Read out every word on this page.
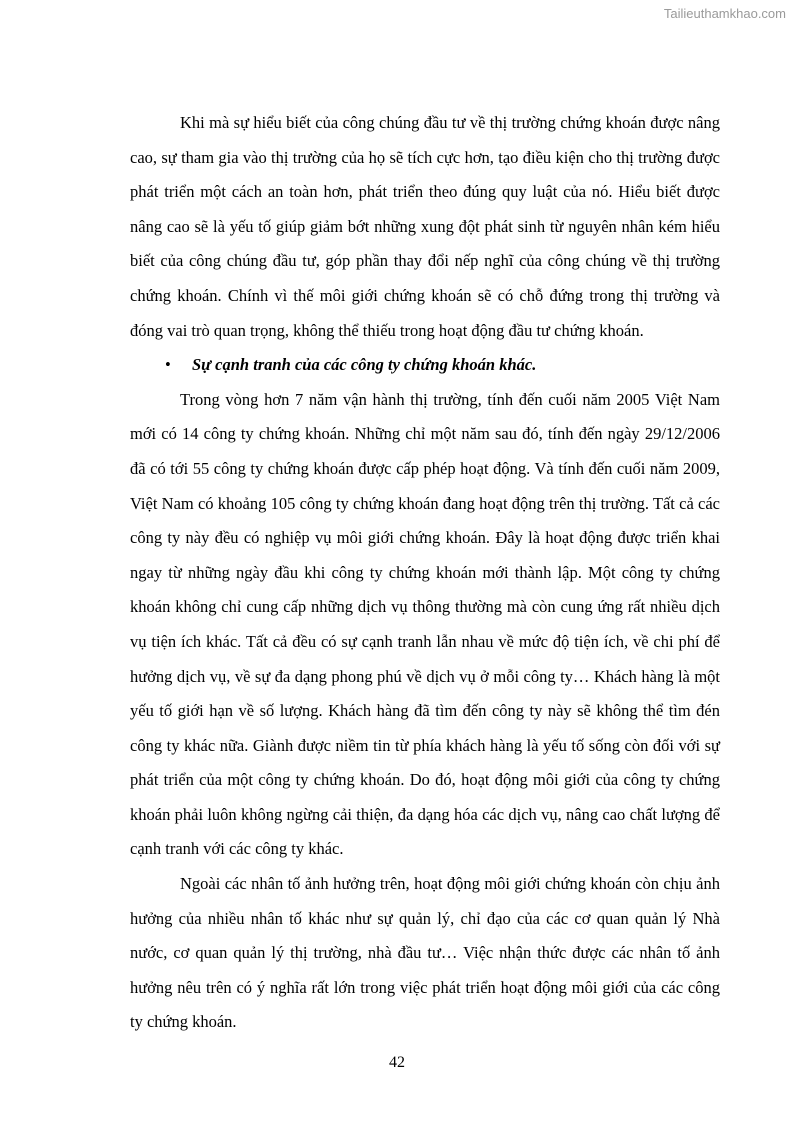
Tailieuthamkhao.com

Khi mà sự hiểu biết của công chúng đầu tư về thị trường chứng khoán được nâng cao, sự tham gia vào thị trường của họ sẽ tích cực hơn, tạo điều kiện cho thị trường được phát triển một cách an toàn hơn, phát triển theo đúng quy luật của nó. Hiểu biết được nâng cao sẽ là yếu tố giúp giảm bớt những xung đột phát sinh từ nguyên nhân kém hiểu biết của công chúng đầu tư, góp phần thay đổi nếp nghĩ của công chúng về thị trường chứng khoán. Chính vì thế môi giới chứng khoán sẽ có chỗ đứng trong thị trường và đóng vai trò quan trọng, không thể thiếu trong hoạt động đầu tư chứng khoán.

• Sự cạnh tranh của các công ty chứng khoán khác.

Trong vòng hơn 7 năm vận hành thị trường, tính đến cuối năm 2005 Việt Nam mới có 14 công ty chứng khoán. Những chỉ một năm sau đó, tính đến ngày 29/12/2006 đã có tới 55 công ty chứng khoán được cấp phép hoạt động. Và tính đến cuối năm 2009, Việt Nam có khoảng 105 công ty chứng khoán đang hoạt động trên thị trường. Tất cả các công ty này đều có nghiệp vụ môi giới chứng khoán. Đây là hoạt động được triển khai ngay từ những ngày đầu khi công ty chứng khoán mới thành lập. Một công ty chứng khoán không chỉ cung cấp những dịch vụ thông thường mà còn cung ứng rất nhiều dịch vụ tiện ích khác. Tất cả đều có sự cạnh tranh lẫn nhau về mức độ tiện ích, về chi phí để hưởng dịch vụ, về sự đa dạng phong phú về dịch vụ ở mỗi công ty… Khách hàng là một yếu tố giới hạn về số lượng. Khách hàng đã tìm đến công ty này sẽ không thể tìm đén công ty khác nữa. Giành được niềm tin từ phía khách hàng là yếu tố sống còn đối với sự phát triển của một công ty chứng khoán. Do đó, hoạt động môi giới của công ty chứng khoán phải luôn không ngừng cải thiện, đa dạng hóa các dịch vụ, nâng cao chất lượng để cạnh tranh với các công ty khác.

Ngoài các nhân tố ảnh hưởng trên, hoạt động môi giới chứng khoán còn chịu ảnh hưởng của nhiều nhân tố khác như sự quản lý, chỉ đạo của các cơ quan quản lý Nhà nước, cơ quan quản lý thị trường, nhà đầu tư… Việc nhận thức được các nhân tố ảnh hưởng nêu trên có ý nghĩa rất lớn trong việc phát triển hoạt động môi giới của các công ty chứng khoán.

42
